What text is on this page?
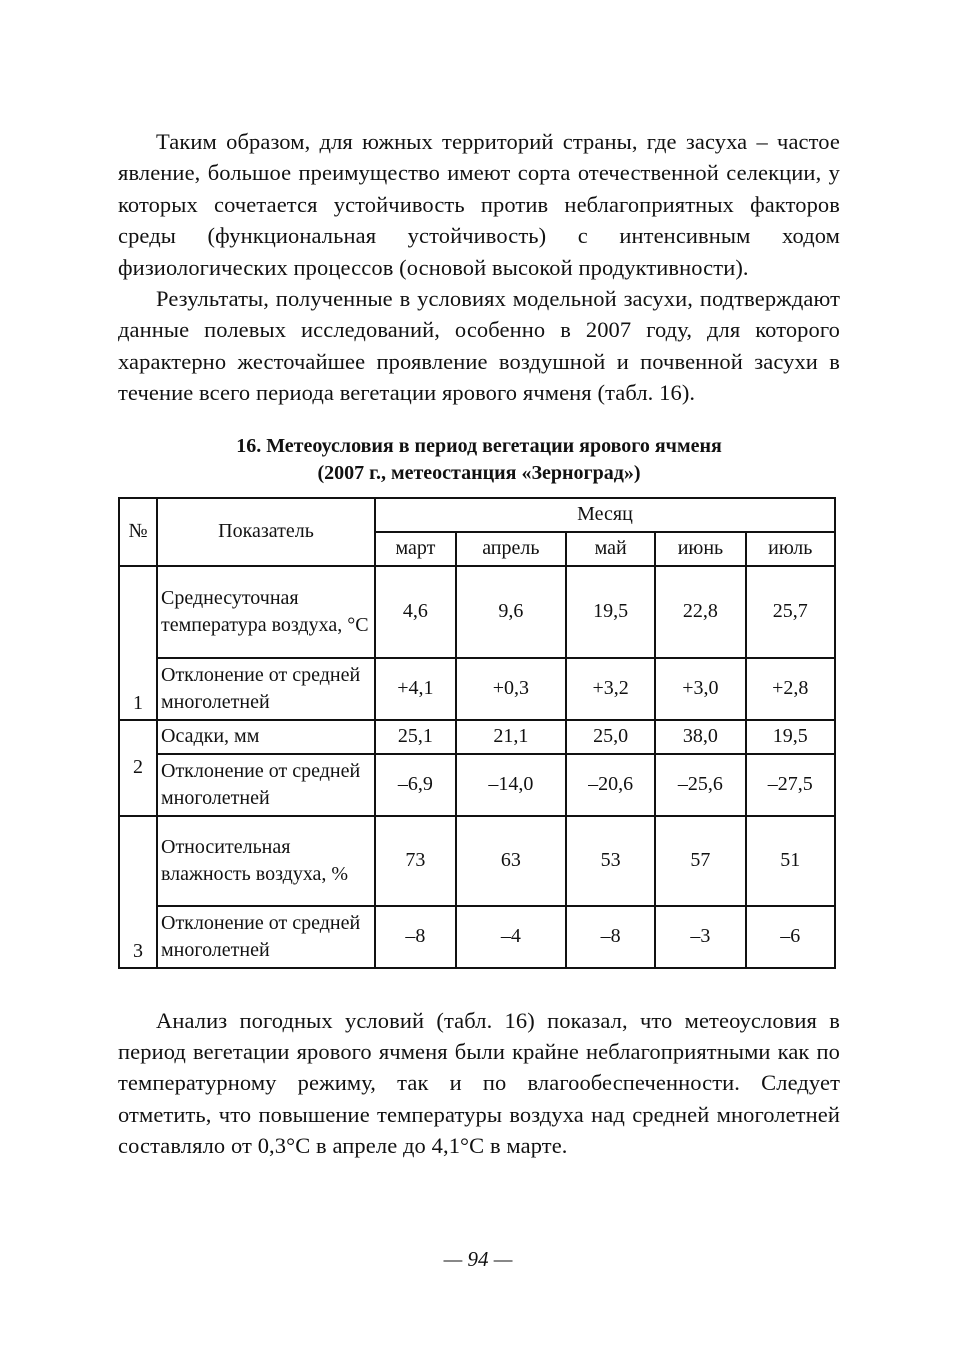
Таким образом, для южных территорий страны, где засуха – частое явление, большое преимущество имеют сорта отечественной селекции, у которых сочетается устойчивость против неблагоприятных факторов среды (функциональная устойчивость) с интенсивным ходом физиологических процессов (основой высокой продуктивности).

Результаты, полученные в условиях модельной засухи, подтверждают данные полевых исследований, особенно в 2007 году, для которого характерно жесточайшее проявление воздушной и почвенной засухи в течение всего периода вегетации ярового ячменя (табл. 16).

16. Метеоусловия в период вегетации ярового ячменя
(2007 г., метеостанция «Зерноград»)
№	Показатель	Месяц				
		март	апрель	май	июнь	июль
1	Среднесуточная температура воздуха, °С	4,6	9,6	19,5	22,8	25,7
	Отклонение от средней многолетней	+4,1	+0,3	+3,2	+3,0	+2,8
2	Осадки, мм	25,1	21,1	25,0	38,0	19,5
	Отклонение от средней многолетней	–6,9	–14,0	–20,6	–25,6	–27,5
3	Относительная влажность воздуха, %	73	63	53	57	51
	Отклонение от средней многолетней	–8	–4	–8	–3	–6

Анализ погодных условий (табл. 16) показал, что метеоусловия в период вегетации ярового ячменя были крайне неблагоприятными как по температурному режиму, так и по влагообеспеченности. Следует отметить, что повышение температуры воздуха над средней многолетней составляло от 0,3°С в апреле до 4,1°С в марте.

— 94 —
